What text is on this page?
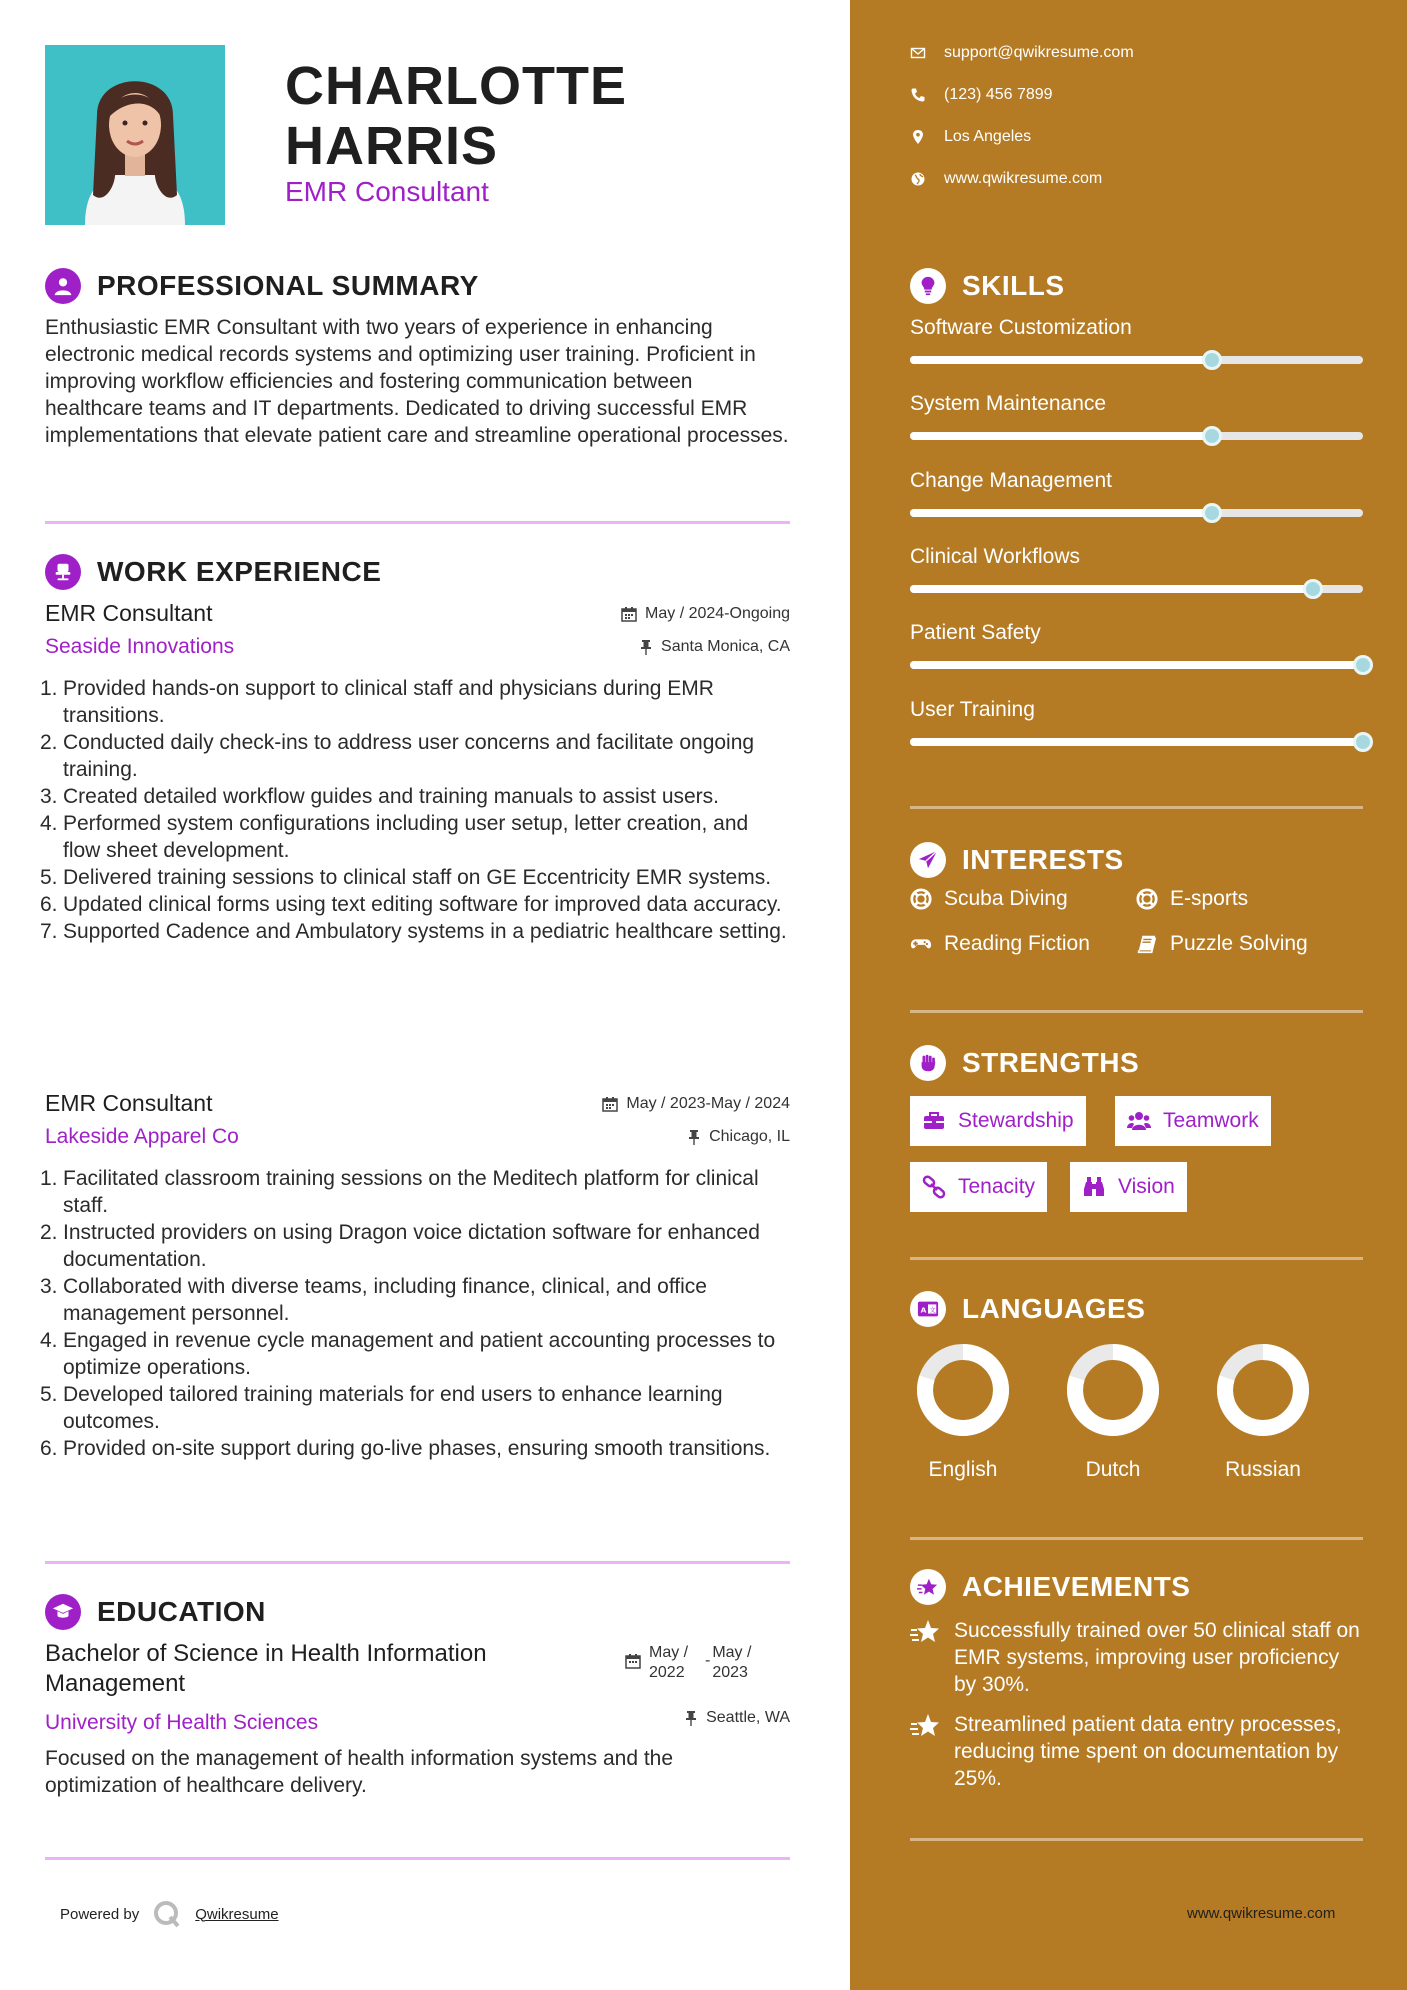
CHARLOTTE
HARRIS
EMR Consultant
PROFESSIONAL SUMMARY
Enthusiastic EMR Consultant with two years of experience in enhancing electronic medical records systems and optimizing user training. Proficient in improving workflow efficiencies and fostering communication between healthcare teams and IT departments. Dedicated to driving successful EMR implementations that elevate patient care and streamline operational processes.
WORK EXPERIENCE
EMR Consultant	May / 2024-Ongoing
Seaside Innovations	Santa Monica, CA
1. Provided hands-on support to clinical staff and physicians during EMR transitions.
2. Conducted daily check-ins to address user concerns and facilitate ongoing training.
3. Created detailed workflow guides and training manuals to assist users.
4. Performed system configurations including user setup, letter creation, and flow sheet development.
5. Delivered training sessions to clinical staff on GE Eccentricity EMR systems.
6. Updated clinical forms using text editing software for improved data accuracy.
7. Supported Cadence and Ambulatory systems in a pediatric healthcare setting.
EMR Consultant	May / 2023-May / 2024
Lakeside Apparel Co	Chicago, IL
1. Facilitated classroom training sessions on the Meditech platform for clinical staff.
2. Instructed providers on using Dragon voice dictation software for enhanced documentation.
3. Collaborated with diverse teams, including finance, clinical, and office management personnel.
4. Engaged in revenue cycle management and patient accounting processes to optimize operations.
5. Developed tailored training materials for end users to enhance learning outcomes.
6. Provided on-site support during go-live phases, ensuring smooth transitions.
EDUCATION
Bachelor of Science in Health Information Management
May / 2022
- May / 2023
University of Health Sciences	Seattle, WA
Focused on the management of health information systems and the optimization of healthcare delivery.
Powered by	Qwikresume
support@qwikresume.com
(123) 456 7899
Los Angeles
www.qwikresume.com
SKILLS
Software Customization
System Maintenance
Change Management
Clinical Workflows
Patient Safety
User Training
INTERESTS
Scuba Diving	E-sports
Reading Fiction	Puzzle Solving
STRENGTHS
Stewardship	Teamwork
Tenacity	Vision
A 文 LANGUAGES
English	Dutch	Russian
ACHIEVEMENTS
Successfully trained over 50 clinical staff on EMR systems, improving user proficiency by 30%.
Streamlined patient data entry processes, reducing time spent on documentation by 25%.
www.qwikresume.com
